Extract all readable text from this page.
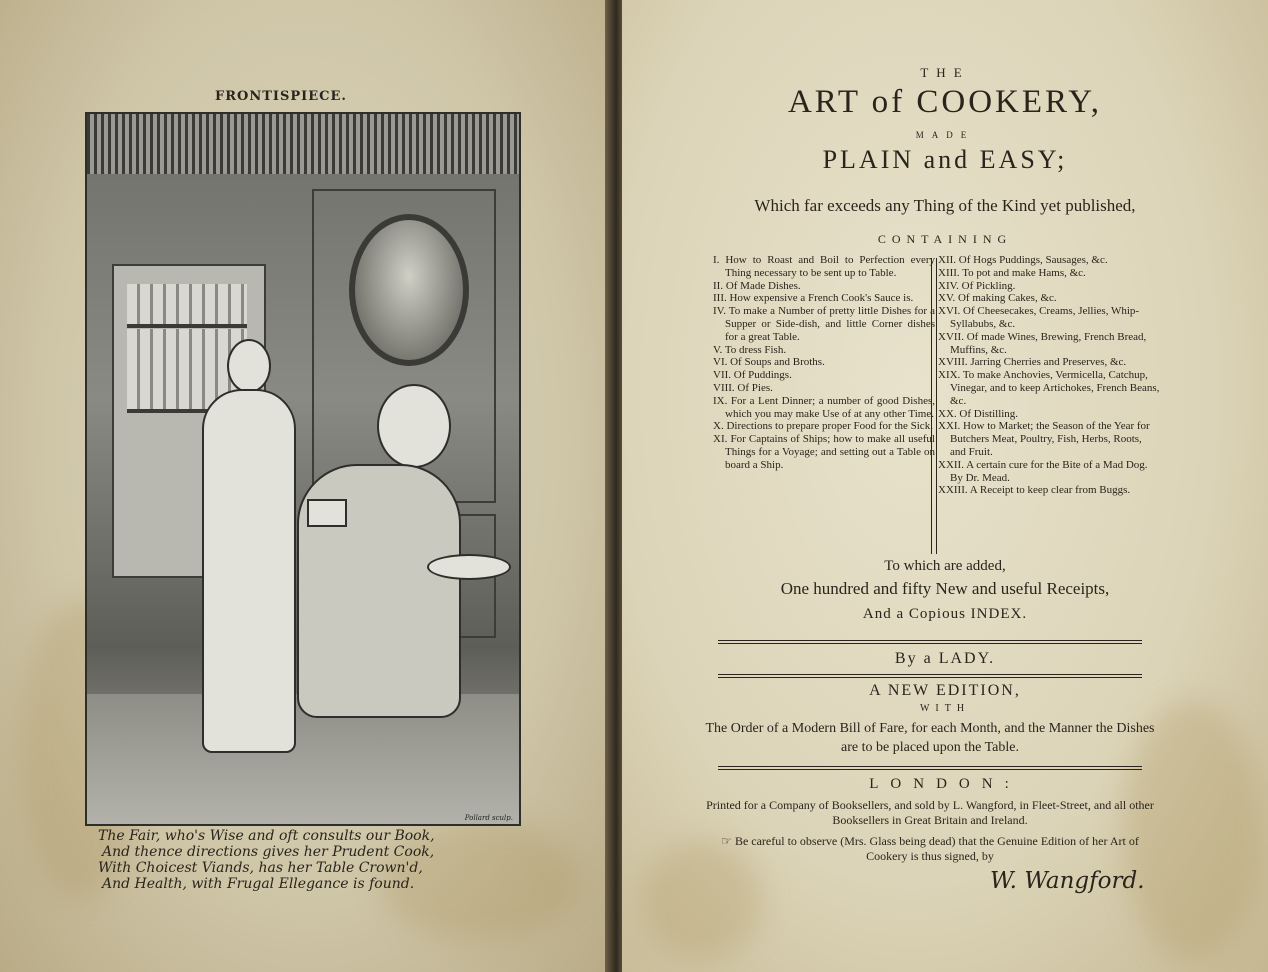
FRONTISPIECE.
Pollard sculp.
The Fair, who's Wise and oft consults our Book,
And thence directions gives her Prudent Cook,
With Choicest Viands, has her Table Crown'd,
And Health, with Frugal Ellegance is found.
THE
ART of COOKERY,
MADE
PLAIN and EASY;
Which far exceeds any Thing of the Kind yet published,
CONTAINING
I. How to Roast and Boil to Perfection every Thing necessary to be sent up to Table.
II. Of Made Dishes.
III. How expensive a French Cook's Sauce is.
IV. To make a Number of pretty little Dishes for a Supper or Side-dish, and little Corner dishes for a great Table.
V. To dress Fish.
VI. Of Soups and Broths.
VII. Of Puddings.
VIII. Of Pies.
IX. For a Lent Dinner; a number of good Dishes, which you may make Use of at any other Time.
X. Directions to prepare proper Food for the Sick.
XI. For Captains of Ships; how to make all useful Things for a Voyage; and setting out a Table on board a Ship.
XII. Of Hogs Puddings, Sausages, &c.
XIII. To pot and make Hams, &c.
XIV. Of Pickling.
XV. Of making Cakes, &c.
XVI. Of Cheesecakes, Creams, Jellies, Whip-Syllabubs, &c.
XVII. Of made Wines, Brewing, French Bread, Muffins, &c.
XVIII. Jarring Cherries and Preserves, &c.
XIX. To make Anchovies, Vermicella, Catchup, Vinegar, and to keep Artichokes, French Beans, &c.
XX. Of Distilling.
XXI. How to Market; the Season of the Year for Butchers Meat, Poultry, Fish, Herbs, Roots, and Fruit.
XXII. A certain cure for the Bite of a Mad Dog. By Dr. Mead.
XXIII. A Receipt to keep clear from Buggs.
To which are added,
One hundred and fifty New and useful Receipts,
And a Copious INDEX.
By a LADY.
A NEW EDITION,
WITH
The Order of a Modern Bill of Fare, for each Month, and the Manner the Dishes are to be placed upon the Table.
LONDON:
Printed for a Company of Booksellers, and sold by L. Wangford, in Fleet-Street, and all other Booksellers in Great Britain and Ireland.
☞ Be careful to observe (Mrs. Glass being dead) that the Genuine Edition of her Art of Cookery is thus signed, by
W. Wangford.
